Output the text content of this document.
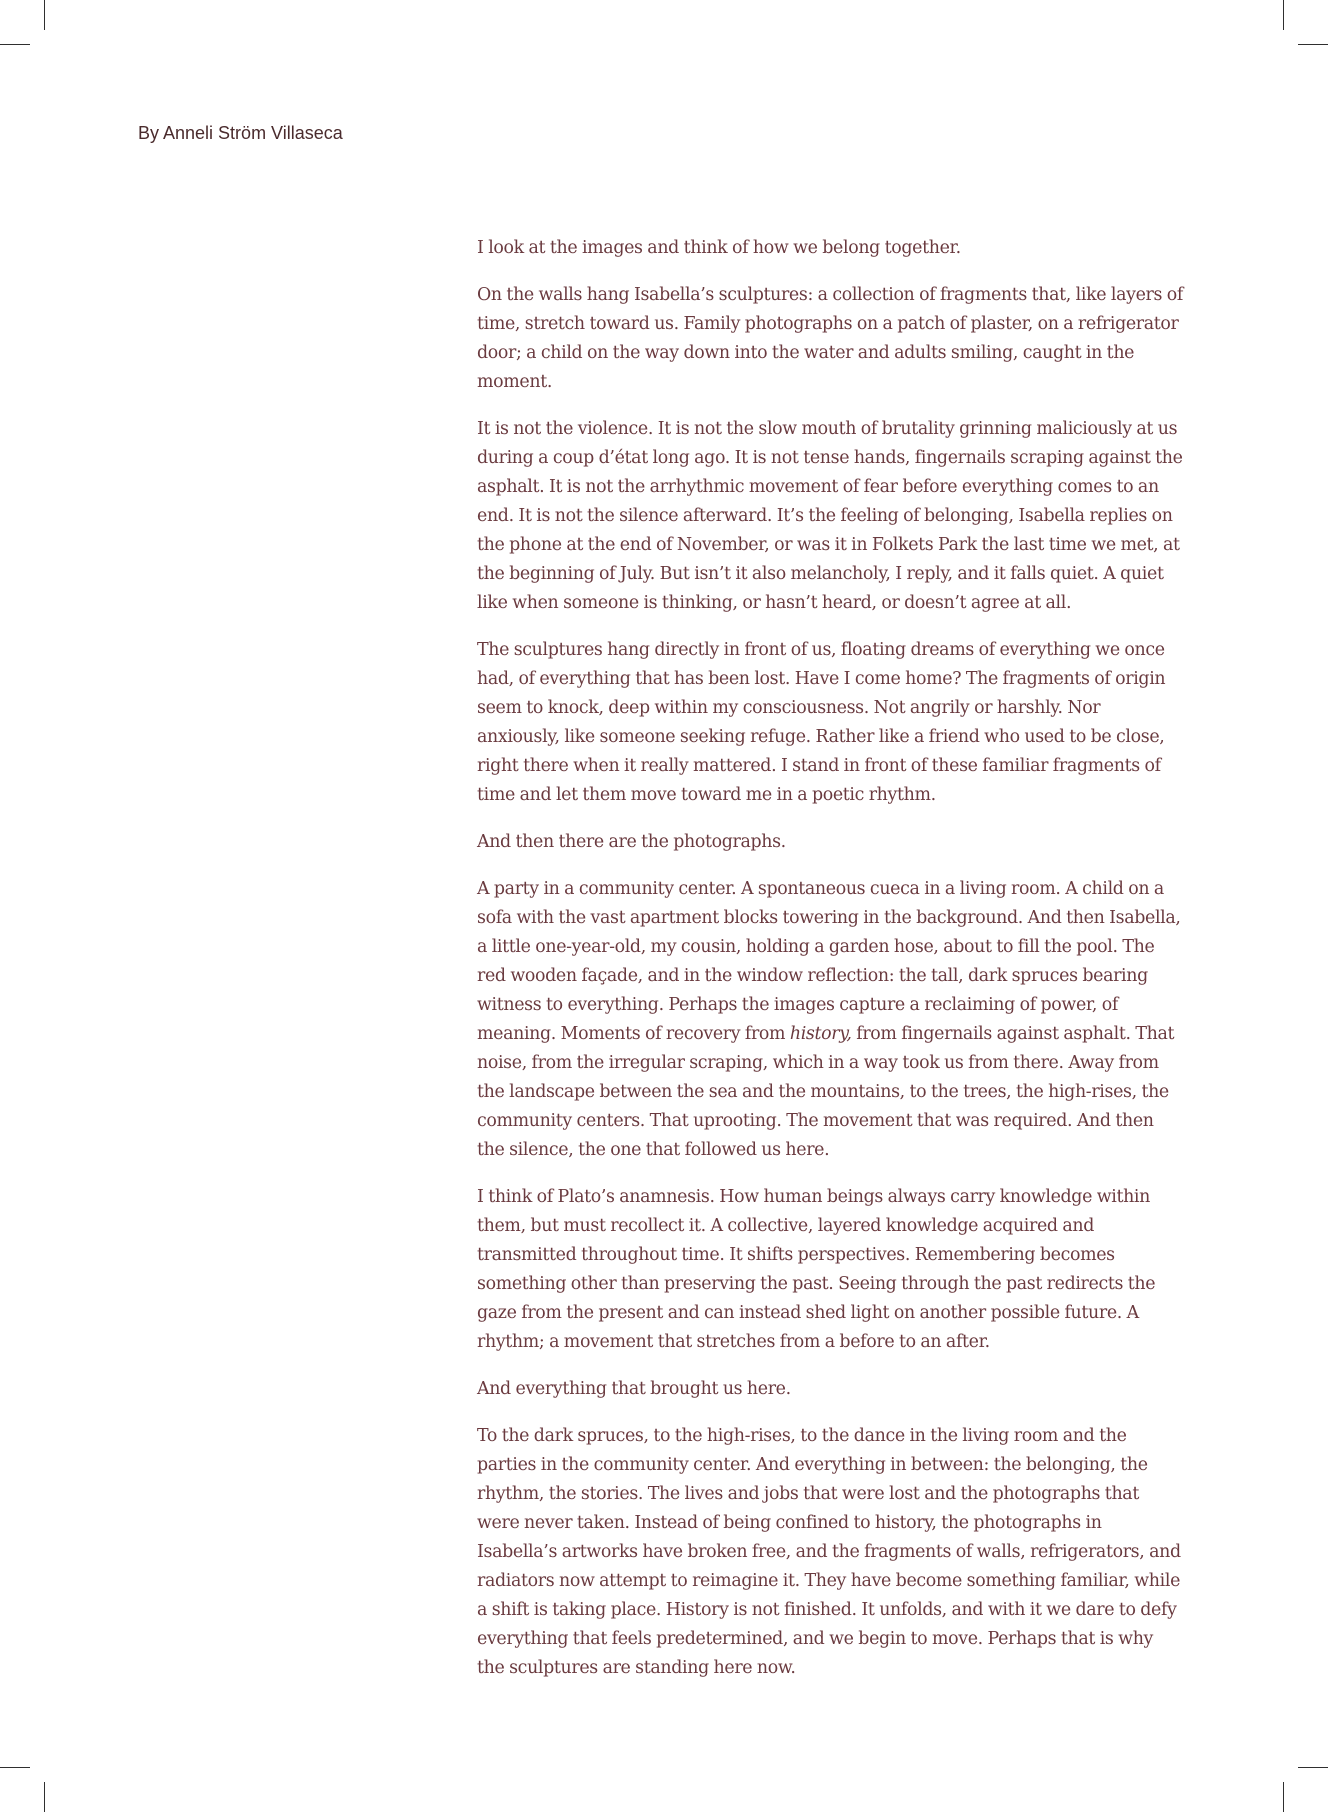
By Anneli Ström Villaseca

I look at the images and think of how we belong together.

On the walls hang Isabella’s sculptures: a collection of fragments that, like layers of time, stretch toward us. Family photographs on a patch of plaster, on a refrigerator door; a child on the way down into the water and adults smiling, caught in the moment.

It is not the violence. It is not the slow mouth of brutality grinning maliciously at us during a coup d’état long ago. It is not tense hands, fingernails scraping against the asphalt. It is not the arrhythmic movement of fear before everything comes to an end. It is not the silence afterward. It’s the feeling of belonging, Isabella replies on the phone at the end of November, or was it in Folkets Park the last time we met, at the beginning of July. But isn’t it also melancholy, I reply, and it falls quiet. A quiet like when someone is thinking, or hasn’t heard, or doesn’t agree at all.

The sculptures hang directly in front of us, floating dreams of everything we once had, of everything that has been lost. Have I come home? The fragments of origin seem to knock, deep within my consciousness. Not angrily or harshly. Nor anxiously, like someone seeking refuge. Rather like a friend who used to be close, right there when it really mattered. I stand in front of these familiar fragments of time and let them move toward me in a poetic rhythm.

And then there are the photographs.

A party in a community center. A spontaneous cueca in a living room. A child on a sofa with the vast apartment blocks towering in the background. And then Isabella, a little one-year-old, my cousin, holding a garden hose, about to fill the pool. The red wooden façade, and in the window reflection: the tall, dark spruces bearing witness to everything. Perhaps the images capture a reclaiming of power, of meaning. Moments of recovery from history, from fingernails against asphalt. That noise, from the irregular scraping, which in a way took us from there. Away from the landscape between the sea and the mountains, to the trees, the high-rises, the community centers. That uprooting. The movement that was required. And then the silence, the one that followed us here.

I think of Plato’s anamnesis. How human beings always carry knowledge within them, but must recollect it. A collective, layered knowledge acquired and transmitted throughout time. It shifts perspectives. Remembering becomes something other than preserving the past. Seeing through the past redirects the gaze from the present and can instead shed light on another possible future. A rhythm; a movement that stretches from a before to an after.

And everything that brought us here.

To the dark spruces, to the high-rises, to the dance in the living room and the parties in the community center. And everything in between: the belonging, the rhythm, the stories. The lives and jobs that were lost and the photographs that were never taken. Instead of being confined to history, the photographs in Isabella’s artworks have broken free, and the fragments of walls, refrigerators, and radiators now attempt to reimagine it. They have become something familiar, while a shift is taking place. History is not finished. It unfolds, and with it we dare to defy everything that feels predetermined, and we begin to move. Perhaps that is why the sculptures are standing here now.
